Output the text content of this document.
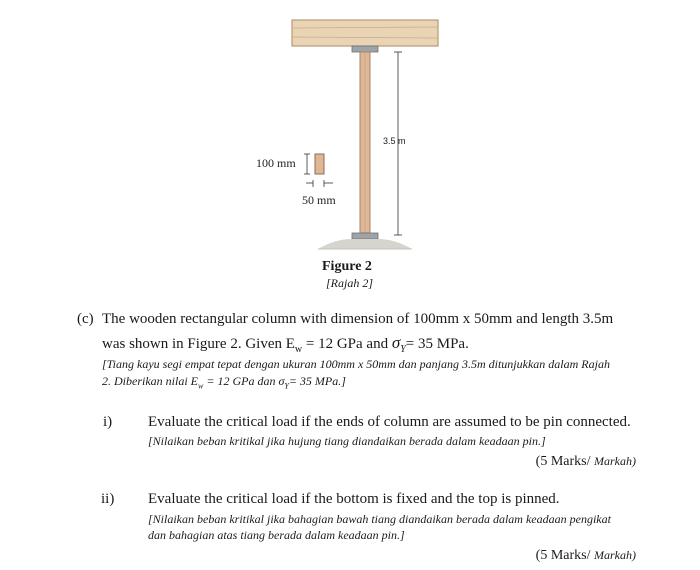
3.5 m
100 mm
50 mm
Figure 2
[Rajah 2]
(c) The wooden rectangular column with dimension of 100mm x 50mm and length 3.5m

was shown in Figure 2. Given $E_w = 12$ GPa and $\sigma_Y= 35$ MPa.

[Tiang kayu segi empat tepat dengan ukuran 100mm x 50mm dan panjang 3.5m ditunjukkan dalam Rajah

2. Diberikan nilai $E_w = 12$ GPa dan $\sigma_Y= 35$ MPa.]

i) Evaluate the critical load if the ends of column are assumed to be pin connected.

[Nilaikan beban kritikal jika hujung tiang diandaikan berada dalam keadaan pin.]

(5 Marks/ Markah)

ii) Evaluate the critical load if the bottom is fixed and the top is pinned.

[Nilaikan beban kritikal jika bahagian bawah tiang diandaikan berada dalam keadaan pengikat

dan bahagian atas tiang berada dalam keadaan pin.]

(5 Marks/ Markah)
